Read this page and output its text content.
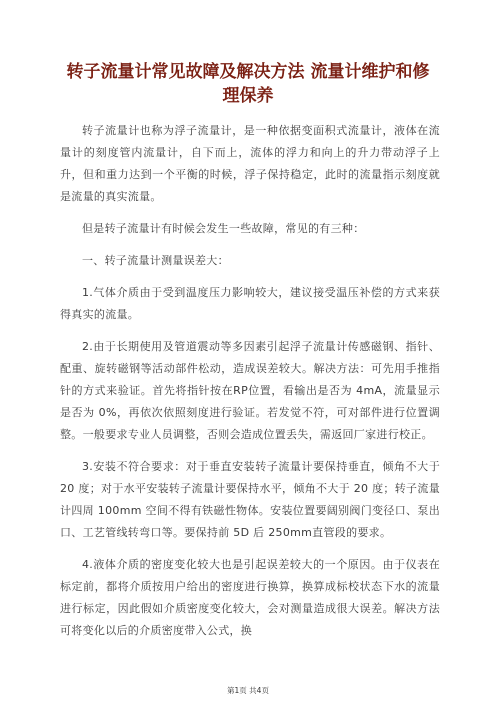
转子流量计常见故障及解决方法 流量计维护和修理保养

转子流量计也称为浮子流量计，是一种依据变面积式流量计，液体在流量计的刻度管内流量计，自下而上，流体的浮力和向上的升力带动浮子上升，但和重力达到一个平衡的时候，浮子保持稳定，此时的流量指示刻度就是流量的真实流量。

但是转子流量计有时候会发生一些故障，常见的有三种：

一、转子流量计测量误差大：

1.气体介质由于受到温度压力影响较大，建议接受温压补偿的方式来获得真实的流量。

2.由于长期使用及管道震动等多因素引起浮子流量计传感磁钢、指针、配重、旋转磁钢等活动部件松动，造成误差较大。解决方法：可先用手推指针的方式来验证。首先将指针按在RP位置，看输出是否为 4mA，流量显示是否为 0%，再依次依照刻度进行验证。若发觉不符，可对部件进行位置调整。一般要求专业人员调整，否则会造成位置丢失，需返回厂家进行校正。

3.安装不符合要求：对于垂直安装转子流量计要保持垂直，倾角不大于 20 度；对于水平安装转子流量计要保持水平，倾角不大于 20 度；转子流量计四周 100mm 空间不得有铁磁性物体。安装位置要阔别阀门变径口、泵出口、工艺管线转弯口等。要保持前 5D 后 250mm直管段的要求。

4.液体介质的密度变化较大也是引起误差较大的一个原因。由于仪表在标定前，都将介质按用户给出的密度进行换算，换算成标校状态下水的流量进行标定，因此假如介质密度变化较大，会对测量造成很大误差。解决方法可将变化以后的介质密度带入公式，换

第1页 共4页
